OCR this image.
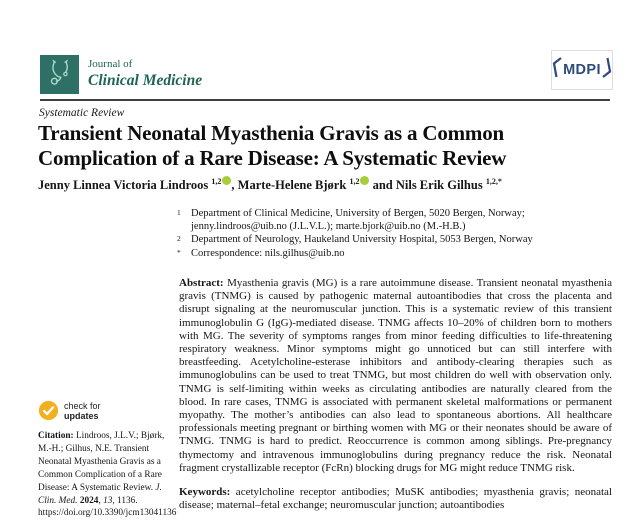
Journal of
Clinical Medicine
MDPI
Systematic Review
Transient Neonatal Myasthenia Gravis as a Common Complication of a Rare Disease: A Systematic Review
Jenny Linnea Victoria Lindroos $^{1,2}$ , Marte-Helene Bjørk $^{1,2}$ and Nils Erik Gilhus $^{1,2,*}$
1 Department of Clinical Medicine, University of Bergen, 5020 Bergen, Norway;
jenny.lindroos@uib.no (J.L.V.L.); marte.bjork@uib.no (M.-H.B.)
2 Department of Neurology, Haukeland University Hospital, 5053 Bergen, Norway
* Correspondence: nils.gilhus@uib.no

Abstract: Myasthenia gravis (MG) is a rare autoimmune disease. Transient neonatal myasthenia gravis (TNMG) is caused by pathogenic maternal autoantibodies that cross the placenta and disrupt signaling at the neuromuscular junction. This is a systematic review of this transient immunoglobulin G (IgG)-mediated disease. TNMG affects 10–20% of children born to mothers with MG. The severity of symptoms ranges from minor feeding difficulties to life-threatening respiratory weakness. Minor symptoms might go unnoticed but can still interfere with breastfeeding. Acetylcholine-esterase inhibitors and antibody-clearing therapies such as immunoglobulins can be used to treat TNMG, but most children do well with observation only. TNMG is self-limiting within weeks as circulating antibodies are naturally cleared from the blood. In rare cases, TNMG is associated with permanent skeletal malformations or permanent myopathy. The mother’s antibodies can also lead to spontaneous abortions. All healthcare professionals meeting pregnant or birthing women with MG or their neonates should be aware of TNMG. TNMG is hard to predict. Reoccurrence is common among siblings. Pre-pregnancy thymectomy and intravenous immunoglobulins during pregnancy reduce the risk. Neonatal fragment crystallizable receptor (FcRn) blocking drugs for MG might reduce TNMG risk.

Keywords: acetylcholine receptor antibodies; MuSK antibodies; myasthenia gravis; neonatal disease; maternal–fetal exchange; neuromuscular junction; autoantibodies

check for
updates
Citation: Lindroos, J.L.V.; Bjørk, M.-H.; Gilhus, N.E. Transient Neonatal Myasthenia Gravis as a Common Complication of a Rare Disease: A Systematic Review. J. Clin. Med. 2024, 13, 1136. https://doi.org/10.3390/jcm13041136
